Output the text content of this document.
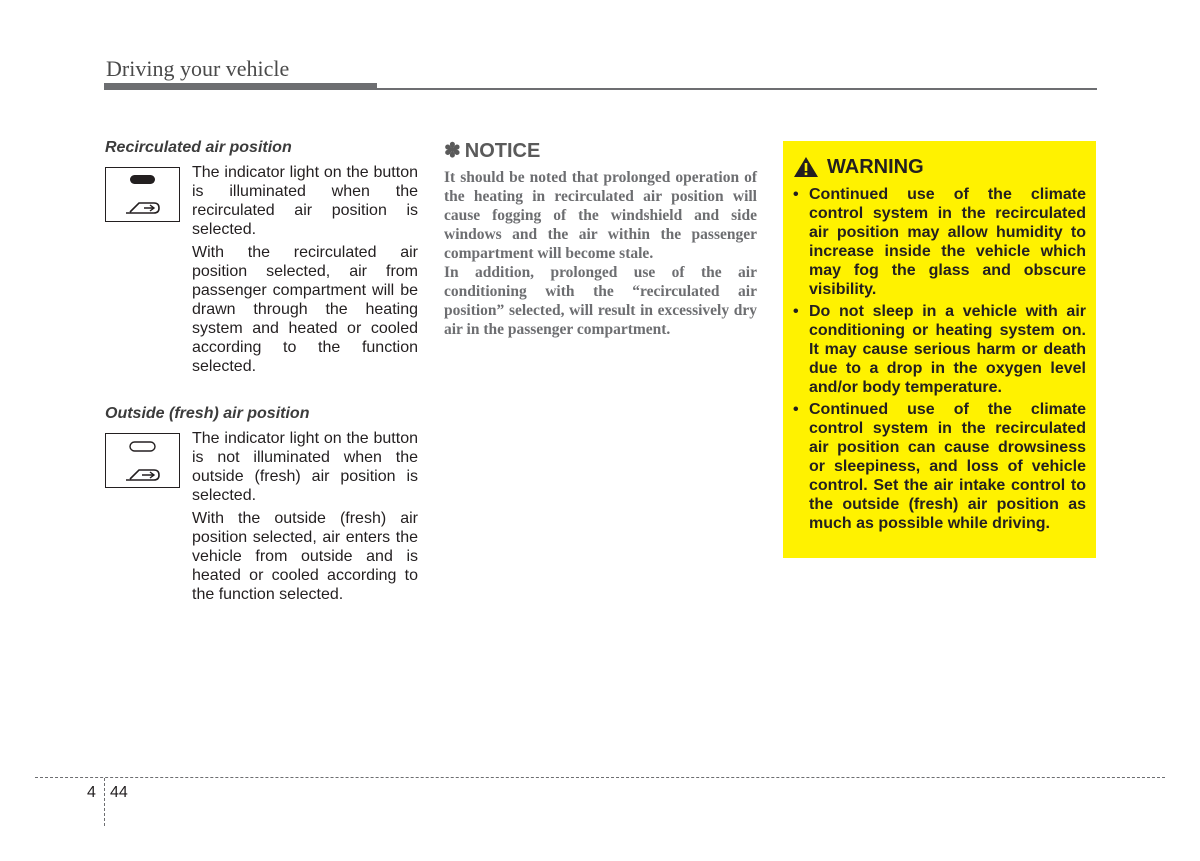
Driving your vehicle
Recirculated air position

The indicator light on the button is illuminated when the recirculated air position is selected.

With the recirculated air position selected, air from passenger compartment will be drawn through the heating system and heated or cooled according to the function selected.

Outside (fresh) air position

The indicator light on the button is not illuminated when the outside (fresh) air position is selected.

With the outside (fresh) air position selected, air enters the vehicle from outside and is heated or cooled according to the function selected.

✽ NOTICE

It should be noted that prolonged operation of the heating in recirculated air position will cause fogging of the windshield and side windows and the air within the passenger compartment will become stale.

In addition, prolonged use of the air conditioning with the “recirculated air position” selected, will result in excessively dry air in the passenger compartment.

WARNING
• Continued use of the climate control system in the recirculated air position may allow humidity to increase inside the vehicle which may fog the glass and obscure visibility.
• Do not sleep in a vehicle with air conditioning or heating system on. It may cause serious harm or death due to a drop in the oxygen level and/or body temperature.
• Continued use of the climate control system in the recirculated air position can cause drowsiness or sleepiness, and loss of vehicle control. Set the air intake control to the outside (fresh) air position as much as possible while driving.
4 44
